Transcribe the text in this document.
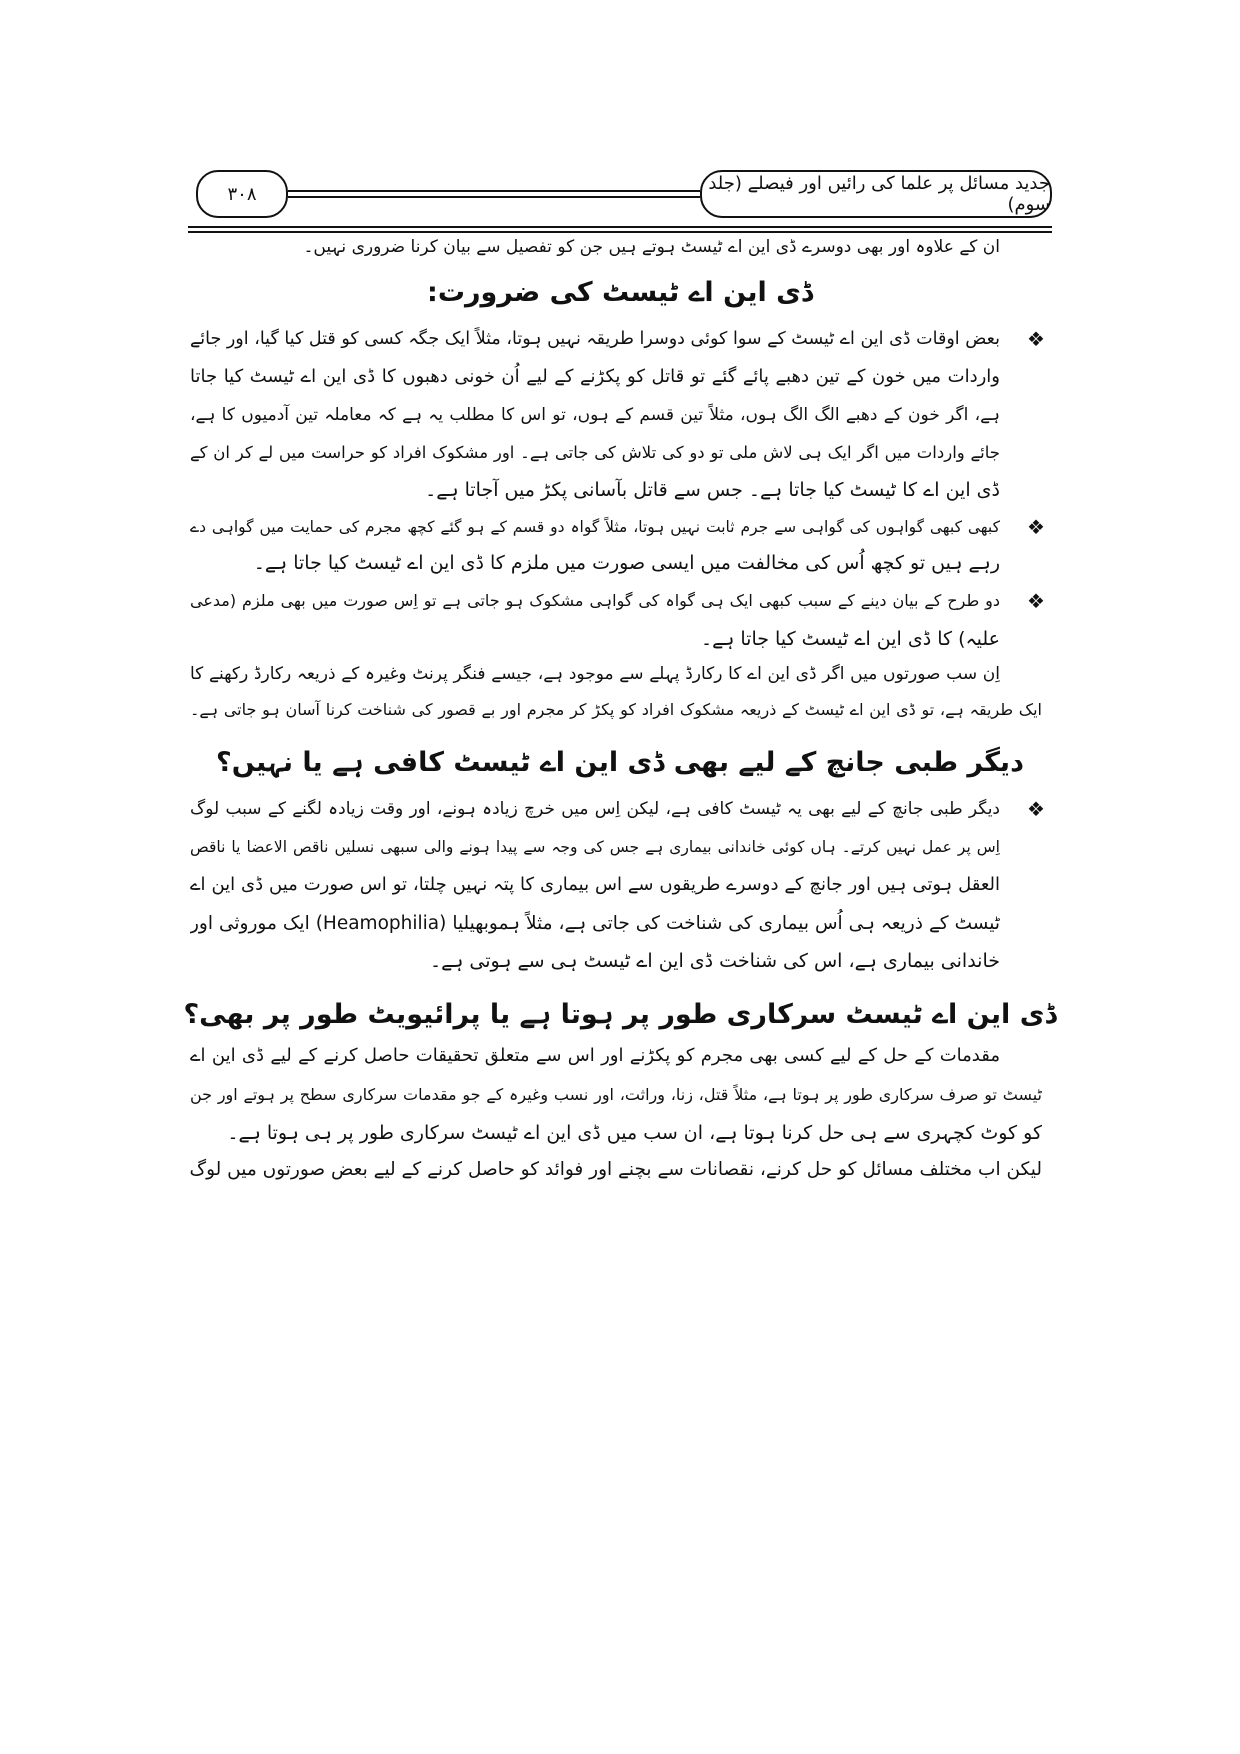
۳۰۸	جدید مسائل پر علما کی رائیں اور فیصلے (جلد سوم)
ان کے علاوہ اور بھی دوسرے ڈی این اے ٹیسٹ ہوتے ہیں جن کو تفصیل سے بیان کرنا ضروری نہیں۔
ڈی این اے ٹیسٹ کی ضرورت:
❖
بعض اوقات ڈی این اے ٹیسٹ کے سوا کوئی دوسرا طریقہ نہیں ہوتا، مثلاً ایک جگہ کسی کو قتل کیا گیا، اور جائے
واردات میں خون کے تین دھبے پائے گئے تو قاتل کو پکڑنے کے لیے اُن خونی دھبوں کا ڈی این اے ٹیسٹ کیا جاتا
ہے، اگر خون کے دھبے الگ الگ ہوں، مثلاً تین قسم کے ہوں، تو اس کا مطلب یہ ہے کہ معاملہ تین آدمیوں کا ہے،
جائے واردات میں اگر ایک ہی لاش ملی تو دو کی تلاش کی جاتی ہے۔ اور مشکوک افراد کو حراست میں لے کر ان کے
ڈی این اے کا ٹیسٹ کیا جاتا ہے۔ جس سے قاتل بآسانی پکڑ میں آجاتا ہے۔
❖
کبھی کبھی گواہوں کی گواہی سے جرم ثابت نہیں ہوتا، مثلاً گواہ دو قسم کے ہو گئے کچھ مجرم کی حمایت میں گواہی دے
رہے ہیں تو کچھ اُس کی مخالفت میں ایسی صورت میں ملزم کا ڈی این اے ٹیسٹ کیا جاتا ہے۔
❖
دو طرح کے بیان دینے کے سبب کبھی ایک ہی گواہ کی گواہی مشکوک ہو جاتی ہے تو اِس صورت میں بھی ملزم (مدعی
علیہ) کا ڈی این اے ٹیسٹ کیا جاتا ہے۔
اِن سب صورتوں میں اگر ڈی این اے کا رکارڈ پہلے سے موجود ہے، جیسے فنگر پرنٹ وغیرہ کے ذریعہ رکارڈ رکھنے کا
ایک طریقہ ہے، تو ڈی این اے ٹیسٹ کے ذریعہ مشکوک افراد کو پکڑ کر مجرم اور بے قصور کی شناخت کرنا آسان ہو جاتی ہے۔
دیگر طبی جانچ کے لیے بھی ڈی این اے ٹیسٹ کافی ہے یا نہیں؟
❖
دیگر طبی جانچ کے لیے بھی یہ ٹیسٹ کافی ہے، لیکن اِس میں خرچ زیادہ ہونے، اور وقت زیادہ لگنے کے سبب لوگ
اِس پر عمل نہیں کرتے۔ ہاں کوئی خاندانی بیماری ہے جس کی وجہ سے پیدا ہونے والی سبھی نسلیں ناقص الاعضا یا ناقص
العقل ہوتی ہیں اور جانچ کے دوسرے طریقوں سے اس بیماری کا پتہ نہیں چلتا، تو اس صورت میں ڈی این اے
ٹیسٹ کے ذریعہ ہی اُس بیماری کی شناخت کی جاتی ہے، مثلاً ہموبھیلیا (Heamophilia) ایک موروثی اور
خاندانی بیماری ہے، اس کی شناخت ڈی این اے ٹیسٹ ہی سے ہوتی ہے۔
ڈی این اے ٹیسٹ سرکاری طور پر ہوتا ہے یا پرائیویٹ طور پر بھی؟
مقدمات کے حل کے لیے کسی بھی مجرم کو پکڑنے اور اس سے متعلق تحقیقات حاصل کرنے کے لیے ڈی این اے
ٹیسٹ تو صرف سرکاری طور پر ہوتا ہے، مثلاً قتل، زنا، وراثت، اور نسب وغیرہ کے جو مقدمات سرکاری سطح پر ہوتے اور جن
کو کوٹ کچہری سے ہی حل کرنا ہوتا ہے، ان سب میں ڈی این اے ٹیسٹ سرکاری طور پر ہی ہوتا ہے۔
لیکن اب مختلف مسائل کو حل کرنے، نقصانات سے بچنے اور فوائد کو حاصل کرنے کے لیے بعض صورتوں میں لوگ
